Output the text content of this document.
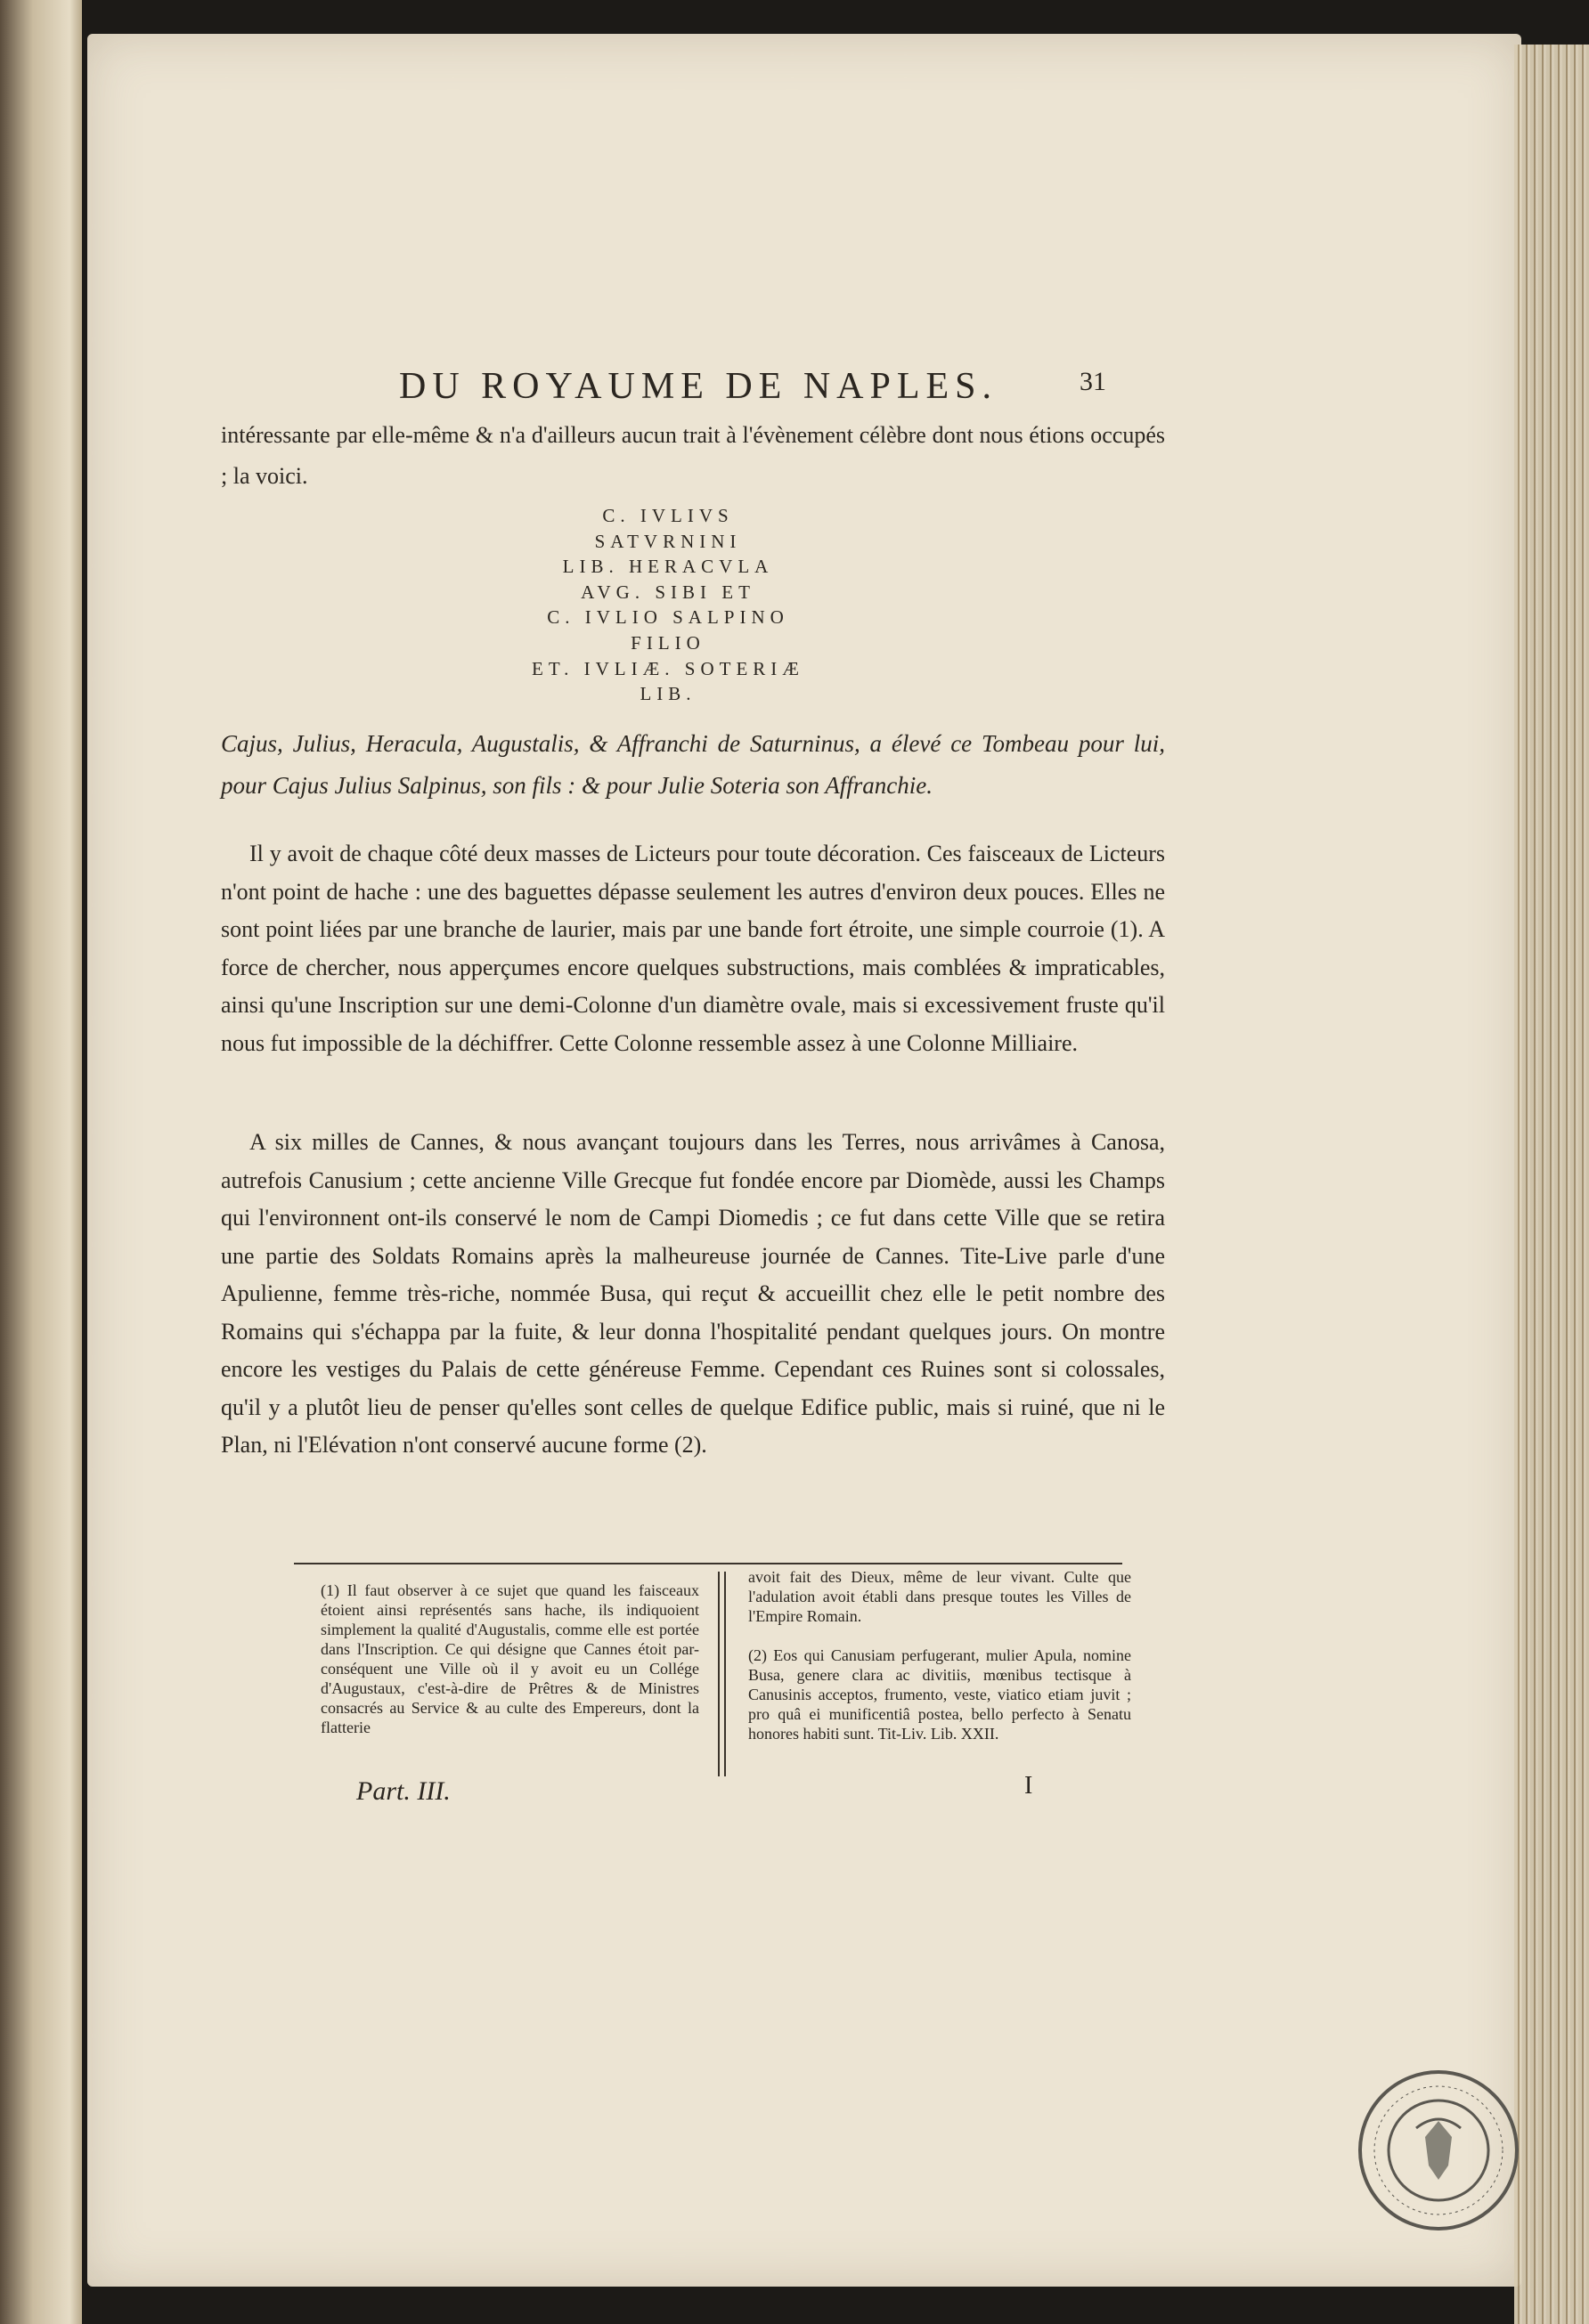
DU ROYAUME DE NAPLES.	31
intéressante par elle-même & n'a d'ailleurs aucun trait à l'évènement célèbre dont nous étions occupés ; la voici.
C. IVLIVS
SATVRNINI
LIB. HERACVLA
AVG. SIBI ET
C. IVLIO SALPINO
FILIO
ET. IVLIÆ. SOTERIÆ
LIB.
Cajus, Julius, Heracula, Augustalis, & Affranchi de Saturninus, a élevé ce Tombeau pour lui, pour Cajus Julius Salpinus, son fils : & pour Julie Soteria son Affranchie.
Il y avoit de chaque côté deux masses de Licteurs pour toute décoration. Ces faisceaux de Licteurs n'ont point de hache : une des baguettes dépasse seulement les autres d'environ deux pouces. Elles ne sont point liées par une branche de laurier, mais par une bande fort étroite, une simple courroie (1). A force de chercher, nous apperçumes encore quelques substructions, mais comblées & impraticables, ainsi qu'une Inscription sur une demi-Colonne d'un diamètre ovale, mais si excessivement fruste qu'il nous fut impossible de la déchiffrer. Cette Colonne ressemble assez à une Colonne Milliaire.
A six milles de Cannes, & nous avançant toujours dans les Terres, nous arrivâmes à Canosa, autrefois Canusium ; cette ancienne Ville Grecque fut fondée encore par Diomède, aussi les Champs qui l'environnent ont-ils conservé le nom de Campi Diomedis ; ce fut dans cette Ville que se retira une partie des Soldats Romains après la malheureuse journée de Cannes. Tite-Live parle d'une Apulienne, femme très-riche, nommée Busa, qui reçut & accueillit chez elle le petit nombre des Romains qui s'échappa par la fuite, & leur donna l'hospitalité pendant quelques jours. On montre encore les vestiges du Palais de cette généreuse Femme. Cependant ces Ruines sont si colossales, qu'il y a plutôt lieu de penser qu'elles sont celles de quelque Edifice public, mais si ruiné, que ni le Plan, ni l'Elévation n'ont conservé aucune forme (2).
(1) Il faut observer à ce sujet que quand les faisceaux étoient ainsi représentés sans hache, ils indiquoient simplement la qualité d'Augustalis, comme elle est portée dans l'Inscription. Ce qui désigne que Cannes étoit par-conséquent une Ville où il y avoit eu un Collége d'Augustaux, c'est-à-dire de Prêtres & de Ministres consacrés au Service & au culte des Empereurs, dont la flatterie
avoit fait des Dieux, même de leur vivant. Culte que l'adulation avoit établi dans presque toutes les Villes de l'Empire Romain.
(2) Eos qui Canusiam perfugerant, mulier Apula, nomine Busa, genere clara ac divitiis, mœnibus tectisque à Canusinis acceptos, frumento, veste, viatico etiam juvit ; pro quâ ei munificentiâ postea, bello perfecto à Senatu honores habiti sunt. Tit-Liv. Lib. XXII.
Part. III.	I
